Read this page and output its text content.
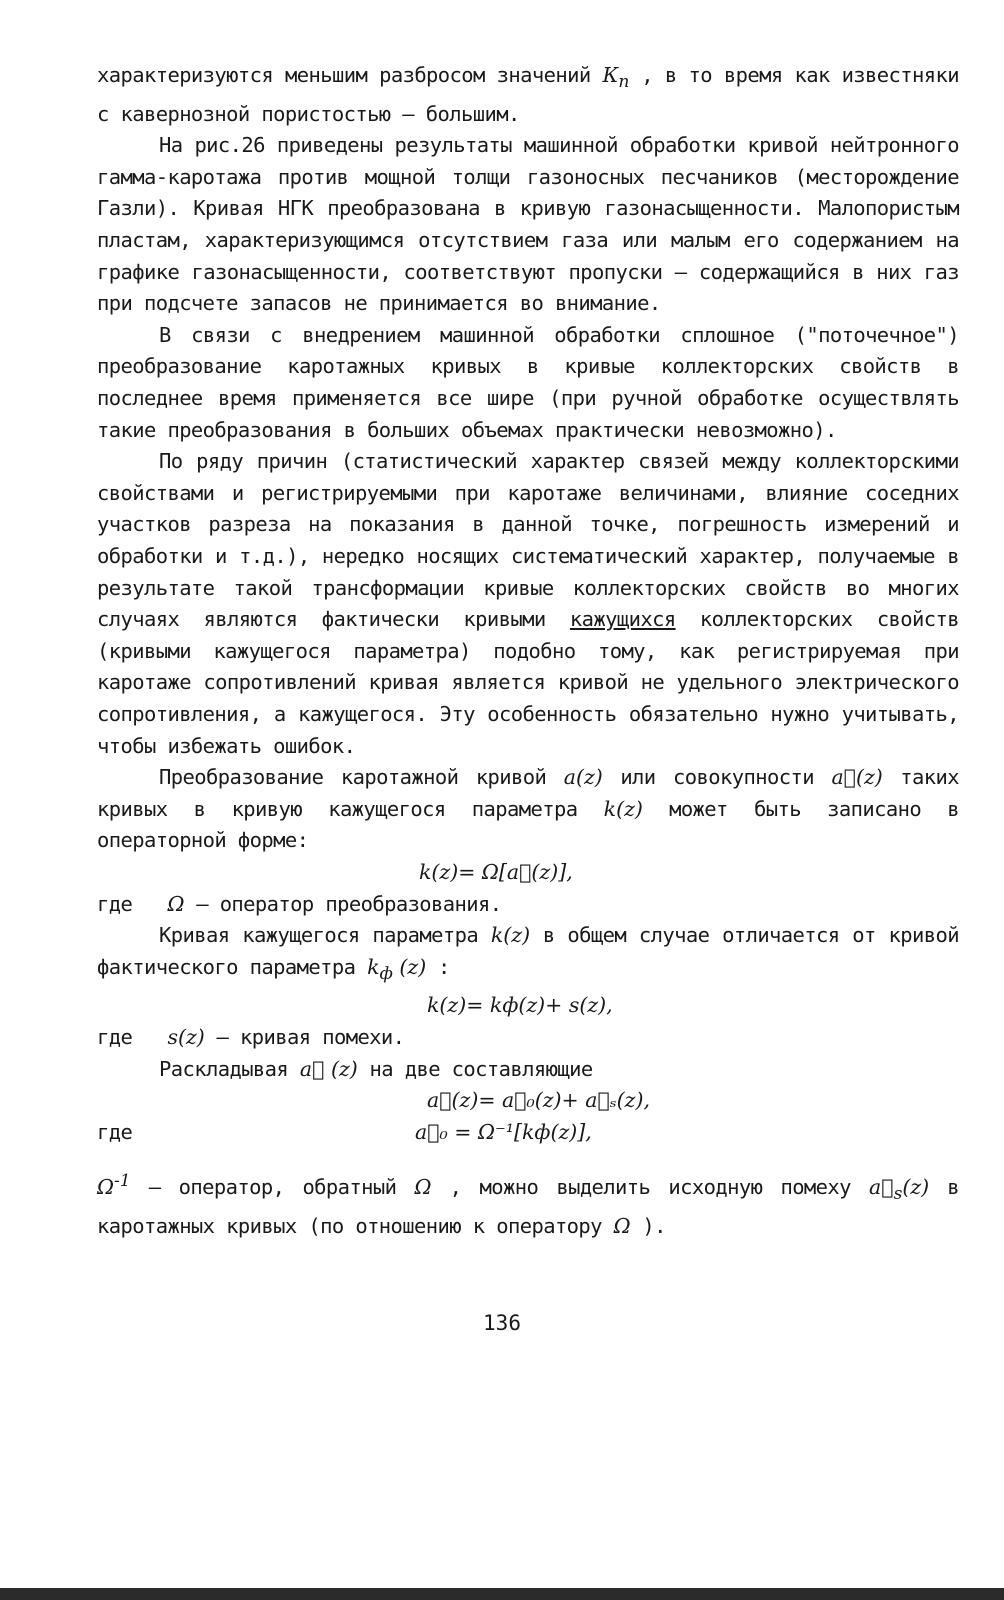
характеризуются меньшим разбросом значений $К_п$ , в то время как известняки с кавернозной пористостью – большим.

На рис.26 приведены результаты машинной обработки кривой нейтронного гамма-каротажа против мощной толщи газоносных песчаников (месторождение Газли). Кривая НГК преобразована в кривую газонасыщенности. Малопористым пластам, характеризующимся отсутствием газа или малым его содержанием на графике газонасыщенности, соответствуют пропуски – содержащийся в них газ при подсчете запасов не принимается во внимание.

В связи с внедрением машинной обработки сплошное ("поточечное") преобразование каротажных кривых в кривые коллекторских свойств в последнее время применяется все шире (при ручной обработке осуществлять такие преобразования в больших объемах практически невозможно).

По ряду причин (статистический характер связей между коллекторскими свойствами и регистрируемыми при каротаже величинами, влияние соседних участков разреза на показания в данной точке, погрешность измерений и обработки и т.д.), нередко носящих систематический характер, получаемые в результате такой трансформации кривые коллекторских свойств во многих случаях являются фактически кривыми кажущихся коллекторских свойств (кривыми кажущегося параметра) подобно тому, как регистрируемая при каротаже сопротивлений кривая является кривой не удельного электрического сопротивления, а кажущегося. Эту особенность обязательно нужно учитывать, чтобы избежать ошибок.

Преобразование каротажной кривой a(z) или совокупности a⃗(z) таких кривых в кривую кажущегося параметра k(z) может быть записано в операторной форме:

k(z)= Ω[a⃗(z)],

где Ω – оператор преобразования.

Кривая кажущегося параметра k(z) в общем случае отличается от кривой фактического параметра $k_ф$ (z) :

k(z)= kф(z)+ s(z),

где s(z) – кривая помехи.

Раскладывая a⃗ (z) на две составляющие

a⃗(z)= a⃗₀(z)+ a⃗ₛ(z),
где	a⃗₀ = Ω⁻¹[kф(z)],

$\Omega^{-1}$ – оператор, обратный Ω , можно выделить исходную помеху $a⃗_s(z)$ в каротажных кривых (по отношению к оператору Ω ).

136
